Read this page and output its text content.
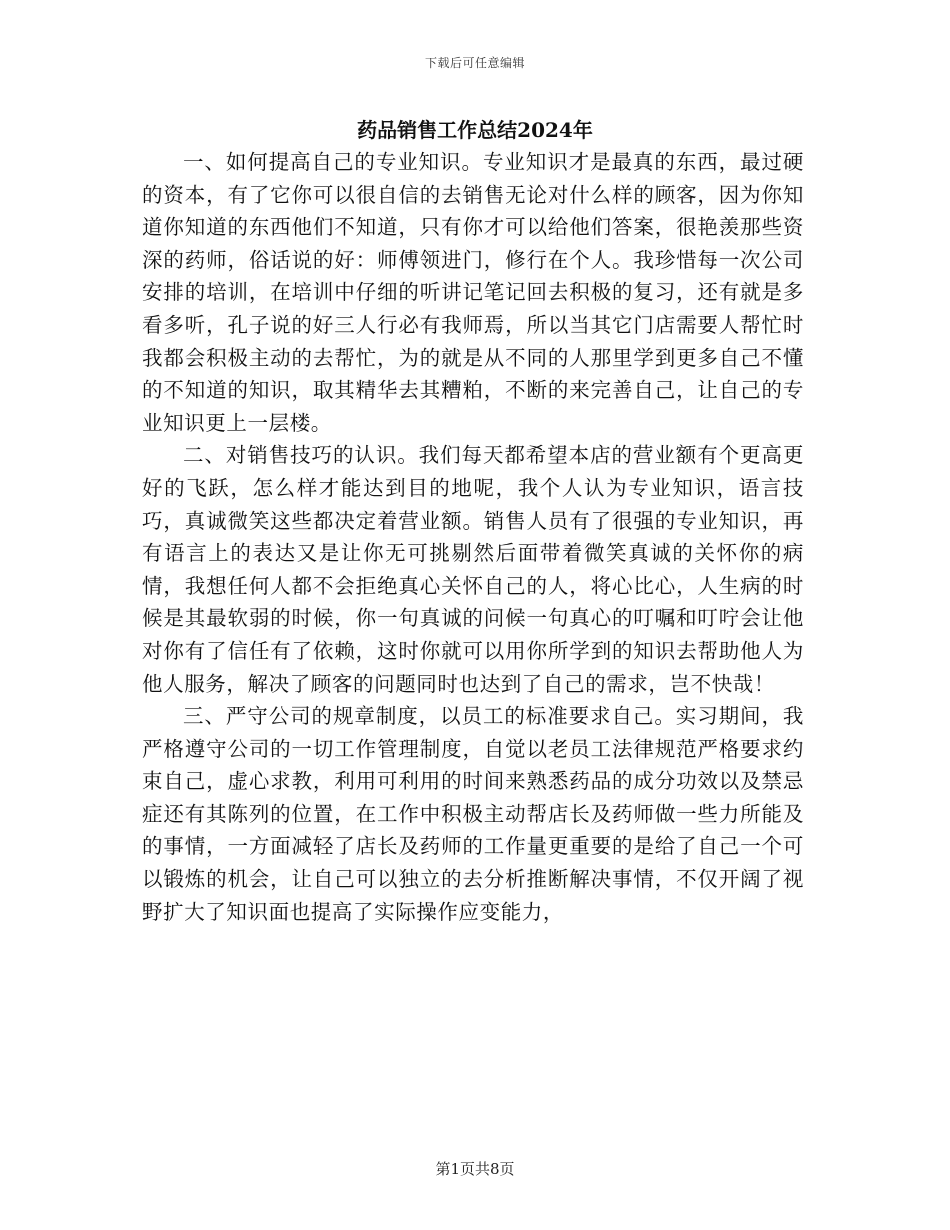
下载后可任意编辑
药品销售工作总结2024年

一、如何提高自己的专业知识。专业知识才是最真的东西，最过硬的资本，有了它你可以很自信的去销售无论对什么样的顾客，因为你知道你知道的东西他们不知道，只有你才可以给他们答案，很艳羡那些资深的药师，俗话说的好：师傅领进门，修行在个人。我珍惜每一次公司安排的培训，在培训中仔细的听讲记笔记回去积极的复习，还有就是多看多听，孔子说的好三人行必有我师焉，所以当其它门店需要人帮忙时我都会积极主动的去帮忙，为的就是从不同的人那里学到更多自己不懂的不知道的知识，取其精华去其糟粕，不断的来完善自己，让自己的专业知识更上一层楼。

二、对销售技巧的认识。我们每天都希望本店的营业额有个更高更好的飞跃，怎么样才能达到目的地呢，我个人认为专业知识，语言技巧，真诚微笑这些都决定着营业额。销售人员有了很强的专业知识，再有语言上的表达又是让你无可挑剔然后面带着微笑真诚的关怀你的病情，我想任何人都不会拒绝真心关怀自己的人，将心比心，人生病的时候是其最软弱的时候，你一句真诚的问候一句真心的叮嘱和叮咛会让他对你有了信任有了依赖，这时你就可以用你所学到的知识去帮助他人为他人服务，解决了顾客的问题同时也达到了自己的需求，岂不快哉！

三、严守公司的规章制度，以员工的标准要求自己。实习期间，我严格遵守公司的一切工作管理制度，自觉以老员工法律规范严格要求约束自己，虚心求教，利用可利用的时间来熟悉药品的成分功效以及禁忌症还有其陈列的位置，在工作中积极主动帮店长及药师做一些力所能及的事情，一方面减轻了店长及药师的工作量更重要的是给了自己一个可以锻炼的机会，让自己可以独立的去分析推断解决事情，不仅开阔了视野扩大了知识面也提高了实际操作应变能力，

第1页共8页
